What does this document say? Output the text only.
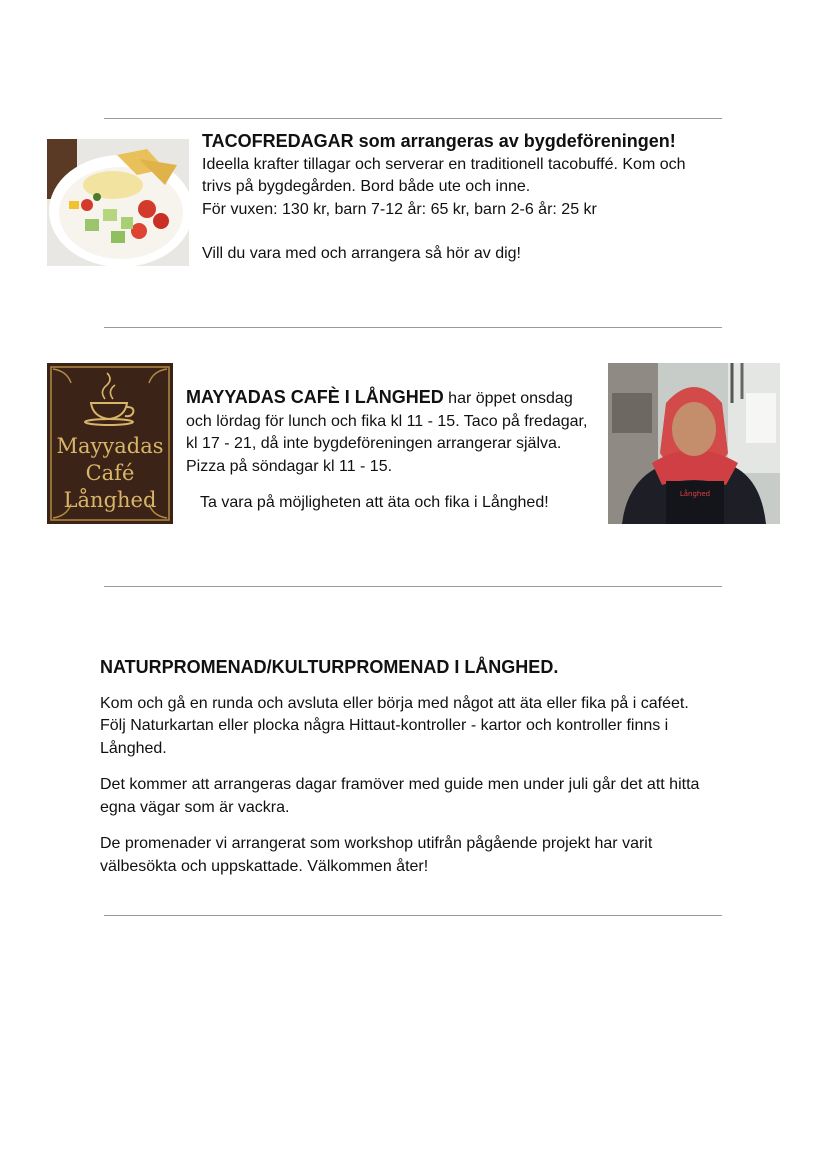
TACOFREDAGAR som arrangeras av bygdeföreningen!

Ideella krafter tillagar och serverar en traditionell tacobuffé. Kom och

trivs på bygdegården. Bord både ute och inne.

För vuxen: 130 kr, barn 7-12 år: 65 kr, barn 2-6 år: 25 kr

Vill du vara med och arrangera så hör av dig!

Mayyadas
Café
Långhed

MAYYADAS CAFÈ I LÅNGHED har öppet onsdag

och lördag för lunch och fika kl 11 - 15. Taco på fredagar,

kl 17 - 21, då inte bygdeföreningen arrangerar själva.

Pizza på söndagar kl 11 - 15.

Ta vara på möjligheten att äta och fika i Långhed!	Långhed

NATURPROMENAD/KULTURPROMENAD I LÅNGHED.

Kom och gå en runda och avsluta eller börja med något att äta eller fika på i caféet.

Följ Naturkartan eller plocka några Hittaut-kontroller - kartor och kontroller finns i

Långhed.

Det kommer att arrangeras dagar framöver med guide men under juli går det att hitta

egna vägar som är vackra.

De promenader vi arrangerat som workshop utifrån pågående projekt har varit

välbesökta och uppskattade. Välkommen åter!
